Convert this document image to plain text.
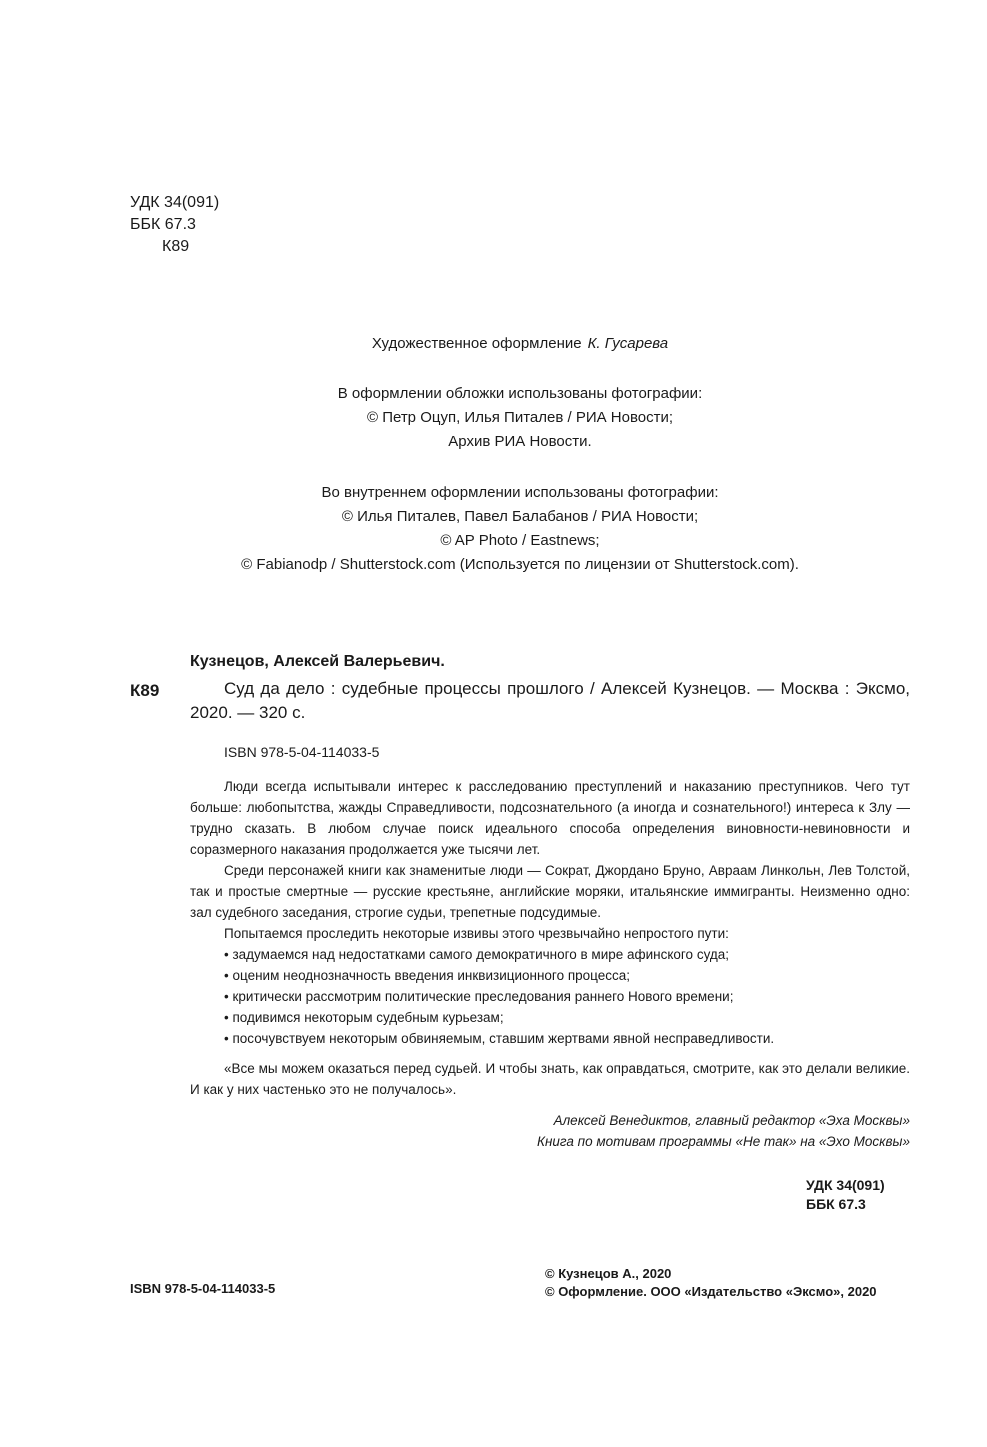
УДК 34(091)
ББК 67.3
К89

Художественное оформление К. Гусарева

В оформлении обложки использованы фотографии:

© Петр Оцуп, Илья Питалев / РИА Новости;

Архив РИА Новости.

Во внутреннем оформлении использованы фотографии:

© Илья Питалев, Павел Балабанов / РИА Новости;

© AP Photo / Eastnews;

© Fabianodp / Shutterstock.com (Используется по лицензии от Shutterstock.com).

Кузнецов, Алексей Валерьевич.
К89	Суд да дело : судебные процессы прошлого / Алексей Кузнецов. — Москва : Эксмо, 2020. — 320 с.
ISBN 978-5-04-114033-5

Люди всегда испытывали интерес к расследованию преступлений и наказанию преступников. Чего тут больше: любопытства, жажды Справедливости, подсознательного (а иногда и сознательного!) интереса к Злу — трудно сказать. В любом случае поиск идеального способа определения виновности-невиновности и соразмерного наказания продолжается уже тысячи лет.

Среди персонажей книги как знаменитые люди — Сократ, Джордано Бруно, Авраам Линкольн, Лев Толстой, так и простые смертные — русские крестьяне, английские моряки, итальянские иммигранты. Неизменно одно: зал судебного заседания, строгие судьи, трепетные подсудимые.

Попытаемся проследить некоторые извивы этого чрезвычайно непростого пути:

• задумаемся над недостатками самого демократичного в мире афинского суда;
• оценим неоднозначность введения инквизиционного процесса;
• критически рассмотрим политические преследования раннего Нового времени;
• подивимся некоторым судебным курьезам;
• посочувствуем некоторым обвиняемым, ставшим жертвами явной несправедливости.

«Все мы можем оказаться перед судьей. И чтобы знать, как оправдаться, смотрите, как это делали великие. И как у них частенько это не получалось».

Алексей Венедиктов, главный редактор «Эха Москвы»
Книга по мотивам программы «Не так» на «Эхо Москвы»
УДК 34(091)
ББК 67.3
ISBN 978-5-04-114033-5
© Кузнецов А., 2020
© Оформление. ООО «Издательство «Эксмо», 2020
